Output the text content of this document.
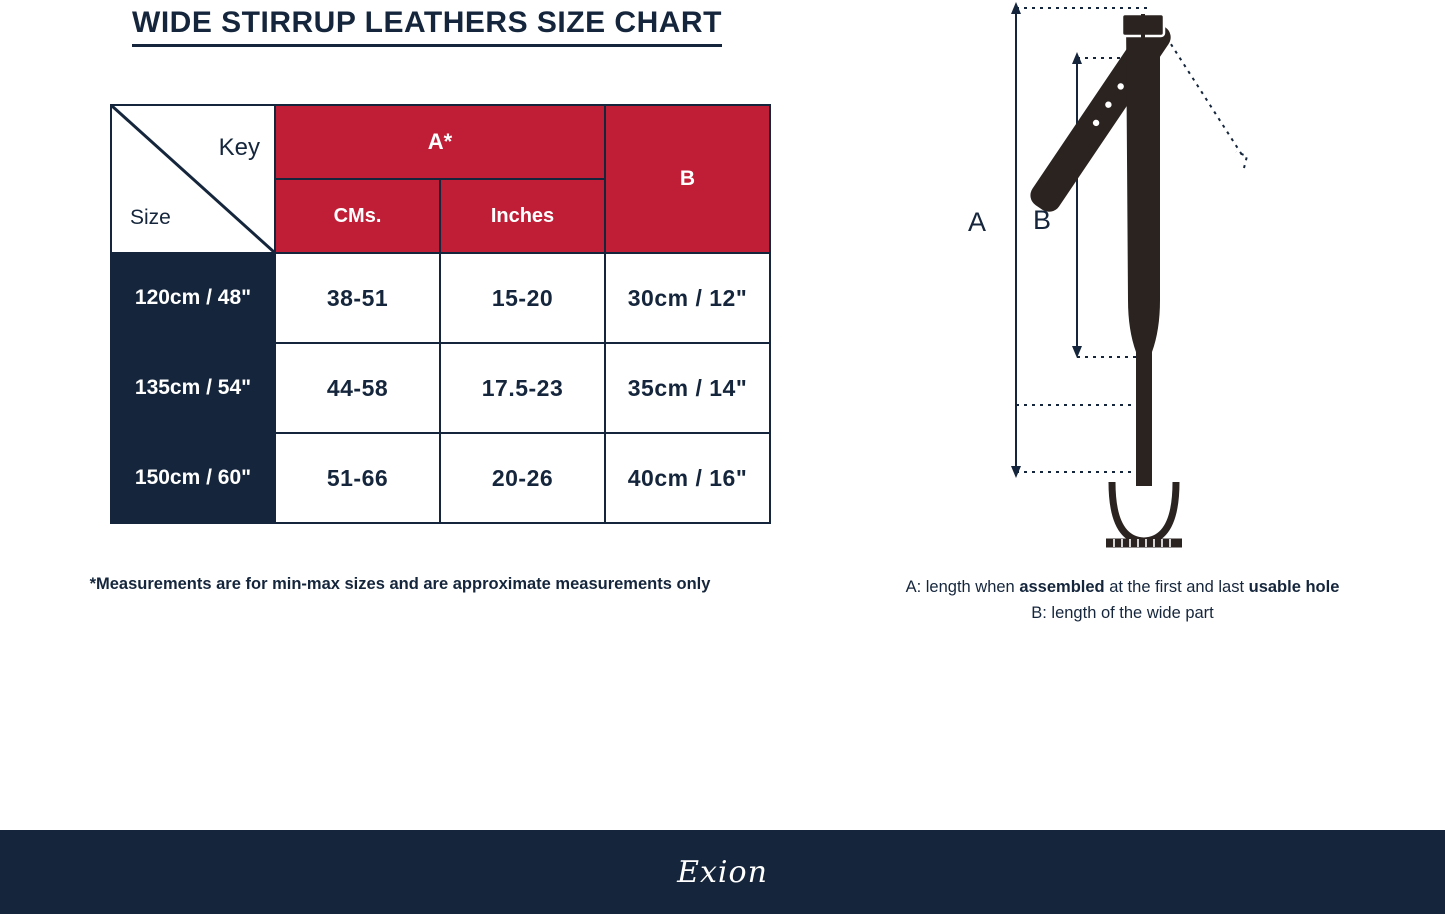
WIDE STIRRUP LEATHERS SIZE CHART
Key
Size	A*		B
	CMs.	Inches	
120cm / 48"	38-51	15-20	30cm / 12"
135cm / 54"	44-58	17.5-23	35cm / 14"
150cm / 60"	51-66	20-26	40cm / 16"
*Measurements are for min-max sizes and are approximate measurements only
A B
A: length when assembled at the first and last usable hole
B: length of the wide part
Exion
